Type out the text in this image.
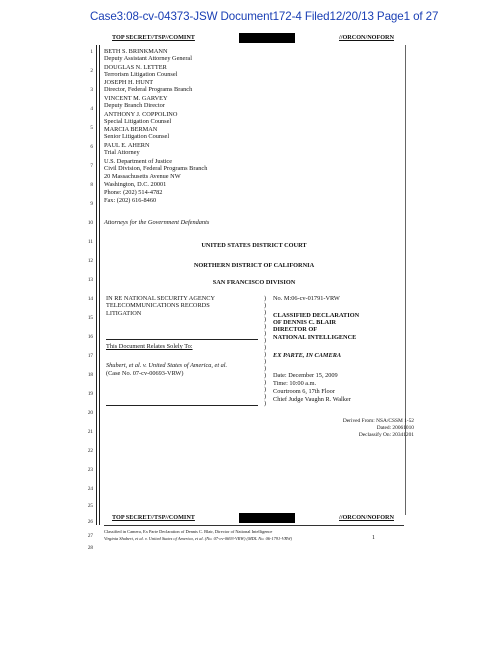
Case3:08-cv-04373-JSW Document172-4 Filed12/20/13 Page1 of 27
TOP SECRET//TSP//COMINT	//ORCON/NOFORN
1
2
3
4
5
6
7
8
9
10
11
12
13
14
15
16
17
18
19
20
21
22
23
24
25
26
27
28
BETH S. BRINKMANN
Deputy Assistant Attorney General
DOUGLAS N. LETTER
Terrorism Litigation Counsel
JOSEPH H. HUNT
Director, Federal Programs Branch
VINCENT M. GARVEY
Deputy Branch Director
ANTHONY J. COPPOLINO
Special Litigation Counsel
MARCIA BERMAN
Senior Litigation Counsel
PAUL E. AHERN
Trial Attorney
U.S. Department of Justice
Civil Division, Federal Programs Branch
20 Massachusetts Avenue NW
Washington, D.C. 20001
Phone: (202) 514-4782
Fax: (202) 616-8460
Attorneys for the Government Defendants
UNITED STATES DISTRICT COURT
NORTHERN DISTRICT OF CALIFORNIA
SAN FRANCISCO DIVISION
IN RE NATIONAL SECURITY AGENCY
TELECOMMUNICATIONS RECORDS
LITIGATION
This Document Relates Solely To:
Shubert, et al. v. United States of America, et al.
(Case No. 07-cv-00693-VRW)
)
)
)
)
)
)
)
)
)
)
)
)
)
)
)
)
No. M:06-cv-01791-VRW
CLASSIFIED DECLARATION
OF DENNIS C. BLAIR
DIRECTOR OF
NATIONAL INTELLIGENCE
EX PARTE, IN CAMERA
Date: December 15, 2009
Time: 10:00 a.m.
Courtroom 6, 17th Floor
Chief Judge Vaughn R. Walker
Derived From: NSA/CSSM 1-52
Dated: 20061010
Declassify On: 20341201
TOP SECRET//TSP//COMINT	//ORCON/NOFORN
Classified in Camera, Ex Parte Declaration of Dennis C. Blair, Director of National Intelligence
Virginia Shubert, et al. v. United States of America, et al. (No. 07-cv-0693-VRW) (MDL No. 06-1791-VRW)	1
